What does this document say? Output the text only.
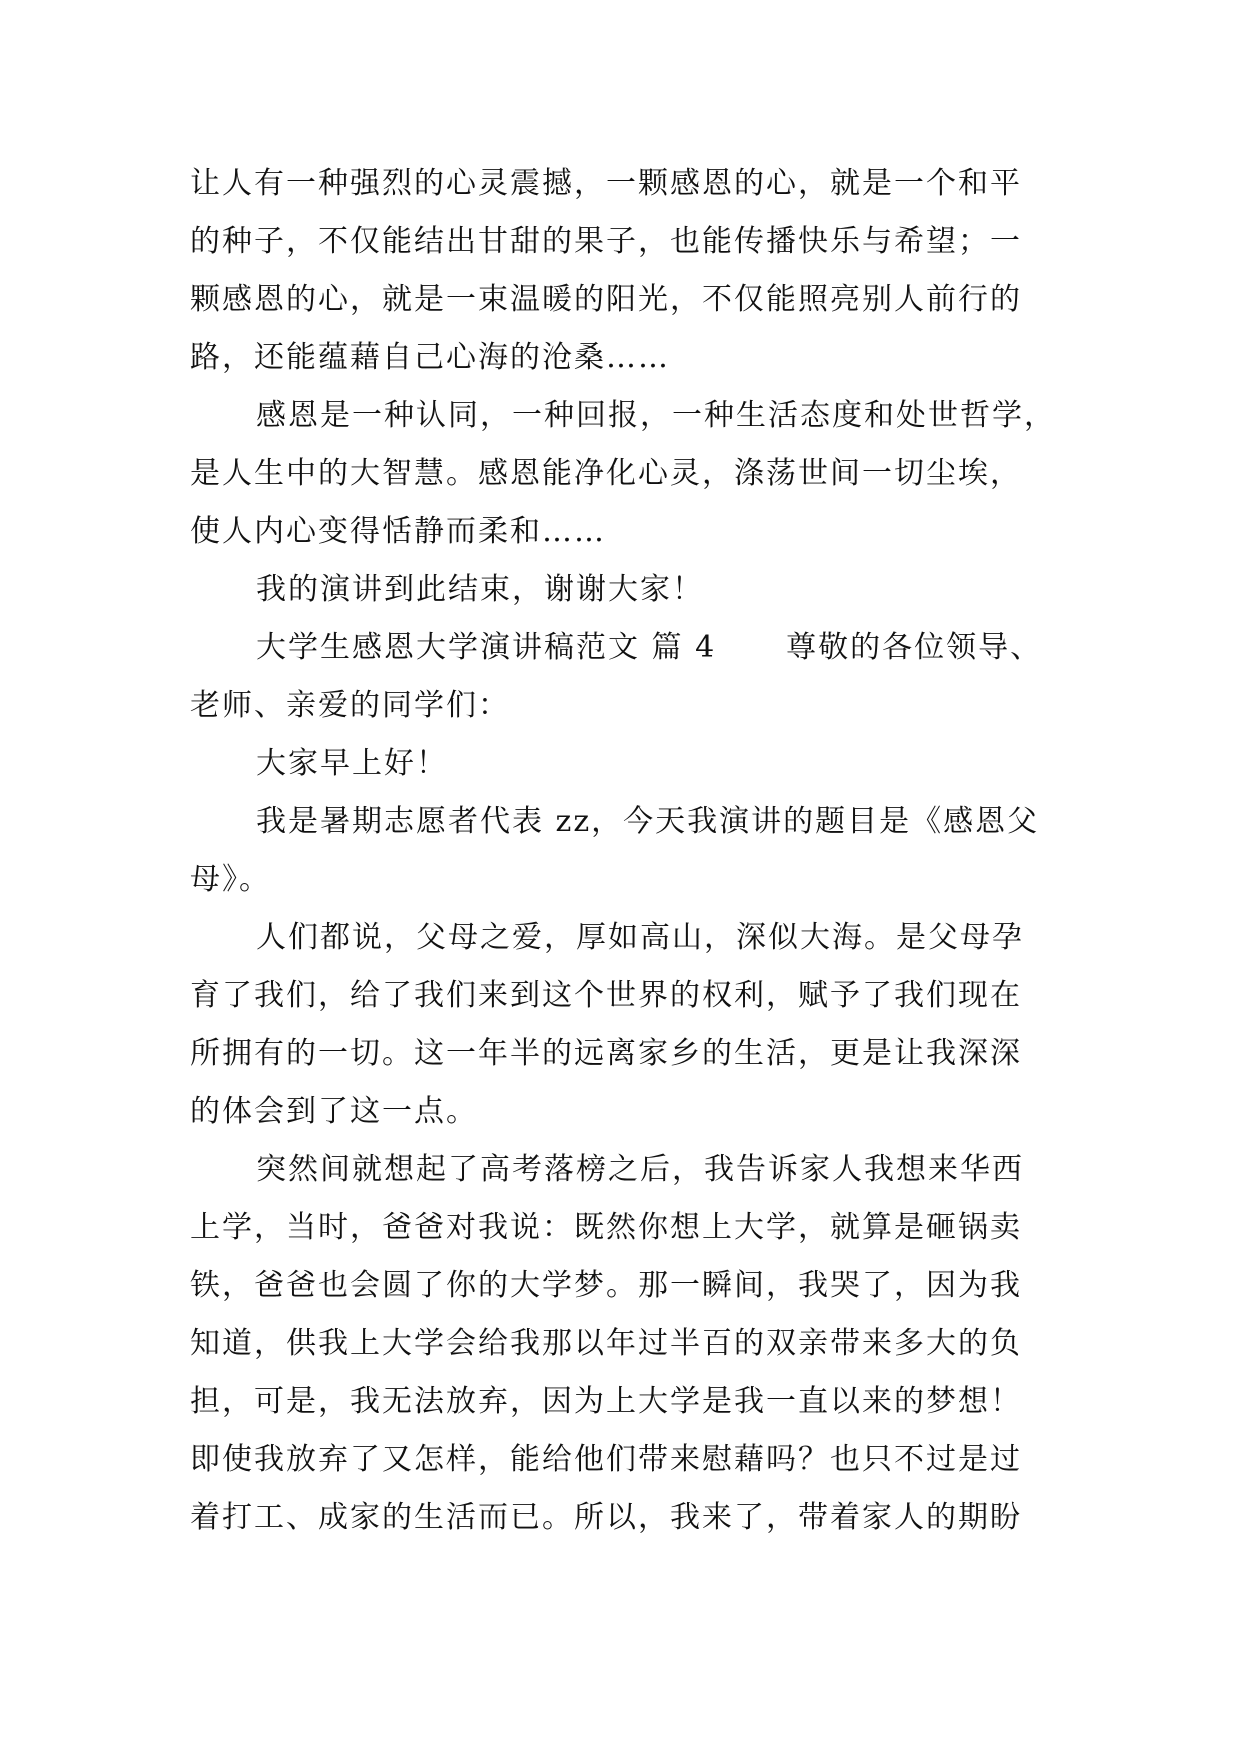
让人有一种强烈的心灵震撼，一颗感恩的心，就是一个和平
的种子，不仅能结出甘甜的果子，也能传播快乐与希望；一
颗感恩的心，就是一束温暖的阳光，不仅能照亮别人前行的
路，还能蕴藉自己心海的沧桑……
感恩是一种认同，一种回报，一种生活态度和处世哲学，
是人生中的大智慧。感恩能净化心灵，涤荡世间一切尘埃，
使人内心变得恬静而柔和……
我的演讲到此结束，谢谢大家！
大学生感恩大学演讲稿范文 篇 4 尊敬的各位领导、
老师、亲爱的同学们：
大家早上好！
我是暑期志愿者代表 zz，今天我演讲的题目是《感恩父
母》。
人们都说，父母之爱，厚如高山，深似大海。是父母孕
育了我们，给了我们来到这个世界的权利，赋予了我们现在
所拥有的一切。这一年半的远离家乡的生活，更是让我深深
的体会到了这一点。
突然间就想起了高考落榜之后，我告诉家人我想来华西
上学，当时，爸爸对我说：既然你想上大学，就算是砸锅卖
铁，爸爸也会圆了你的大学梦。那一瞬间，我哭了，因为我
知道，供我上大学会给我那以年过半百的双亲带来多大的负
担，可是，我无法放弃，因为上大学是我一直以来的梦想！
即使我放弃了又怎样，能给他们带来慰藉吗？也只不过是过
着打工、成家的生活而已。所以，我来了，带着家人的期盼
